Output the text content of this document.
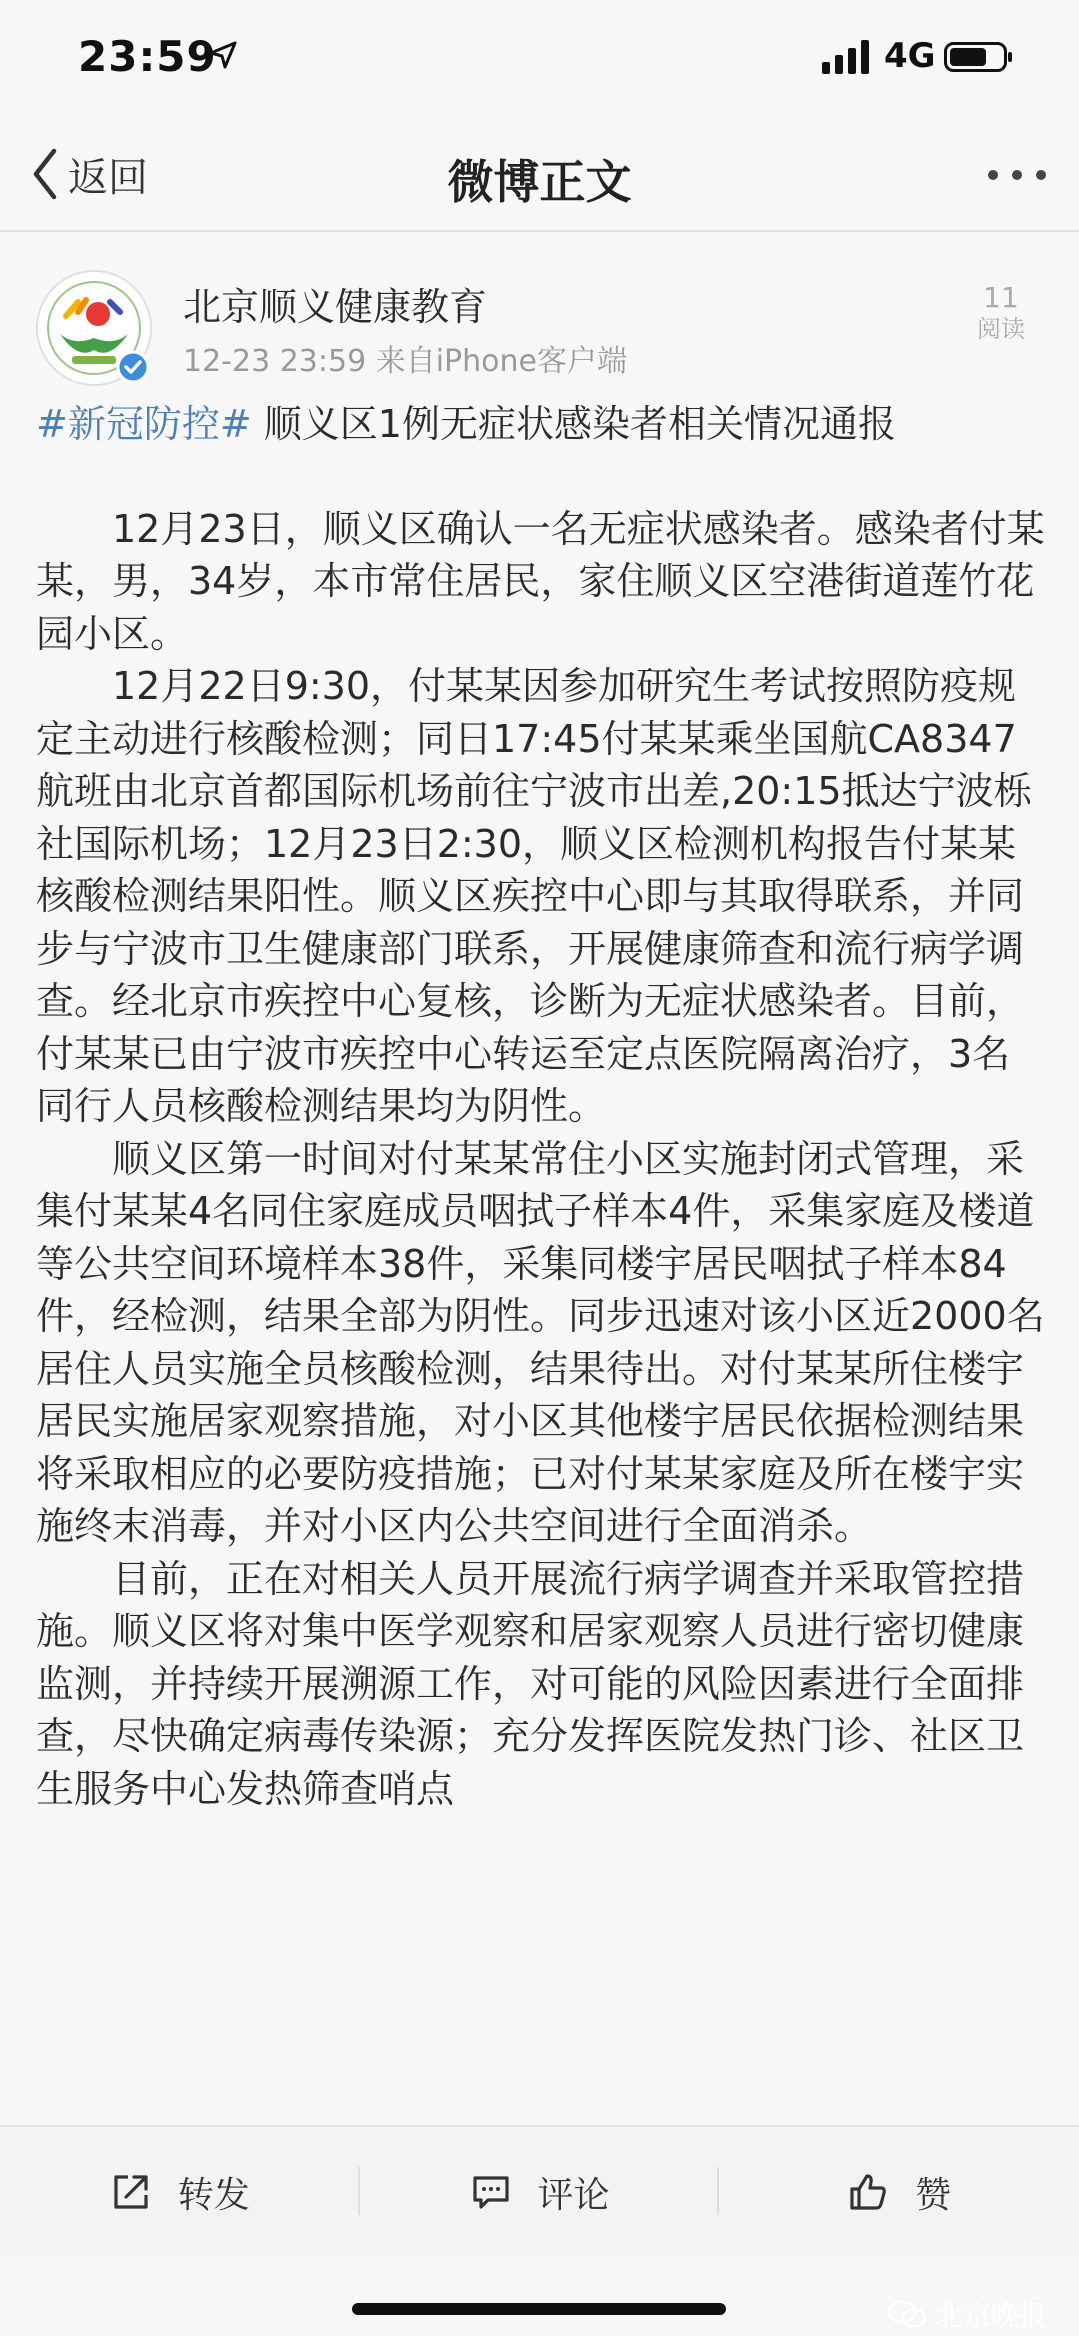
23:59	4G
返回	微博正文
北京顺义健康教育
12-23 23:59 来自iPhone客户端
11
阅读
#新冠防控# 顺义区1例无症状感染者相关情况通报
　　12月23日，顺义区确认一名无症状感染者。感染者付某某，男，34岁，本市常住居民，家住顺义区空港街道莲竹花园小区。
　　12月22日9:30，付某某因参加研究生考试按照防疫规定主动进行核酸检测；同日17:45付某某乘坐国航CA8347航班由北京首都国际机场前往宁波市出差,20:15抵达宁波栎社国际机场；12月23日2:30，顺义区检测机构报告付某某核酸检测结果阳性。顺义区疾控中心即与其取得联系，并同步与宁波市卫生健康部门联系，开展健康筛查和流行病学调查。经北京市疾控中心复核，诊断为无症状感染者。目前，付某某已由宁波市疾控中心转运至定点医院隔离治疗，3名同行人员核酸检测结果均为阴性。
　　顺义区第一时间对付某某常住小区实施封闭式管理，采集付某某4名同住家庭成员咽拭子样本4件，采集家庭及楼道等公共空间环境样本38件，采集同楼宇居民咽拭子样本84件，经检测，结果全部为阴性。同步迅速对该小区近2000名居住人员实施全员核酸检测，结果待出。对付某某所住楼宇居民实施居家观察措施，对小区其他楼宇居民依据检测结果将采取相应的必要防疫措施；已对付某某家庭及所在楼宇实施终末消毒，并对小区内公共空间进行全面消杀。
　　目前，正在对相关人员开展流行病学调查并采取管控措施。顺义区将对集中医学观察和居家观察人员进行密切健康监测，并持续开展溯源工作，对可能的风险因素进行全面排查，尽快确定病毒传染源；充分发挥医院发热门诊、社区卫生服务中心发热筛查哨点
转发	评论	赞
北京晚报
